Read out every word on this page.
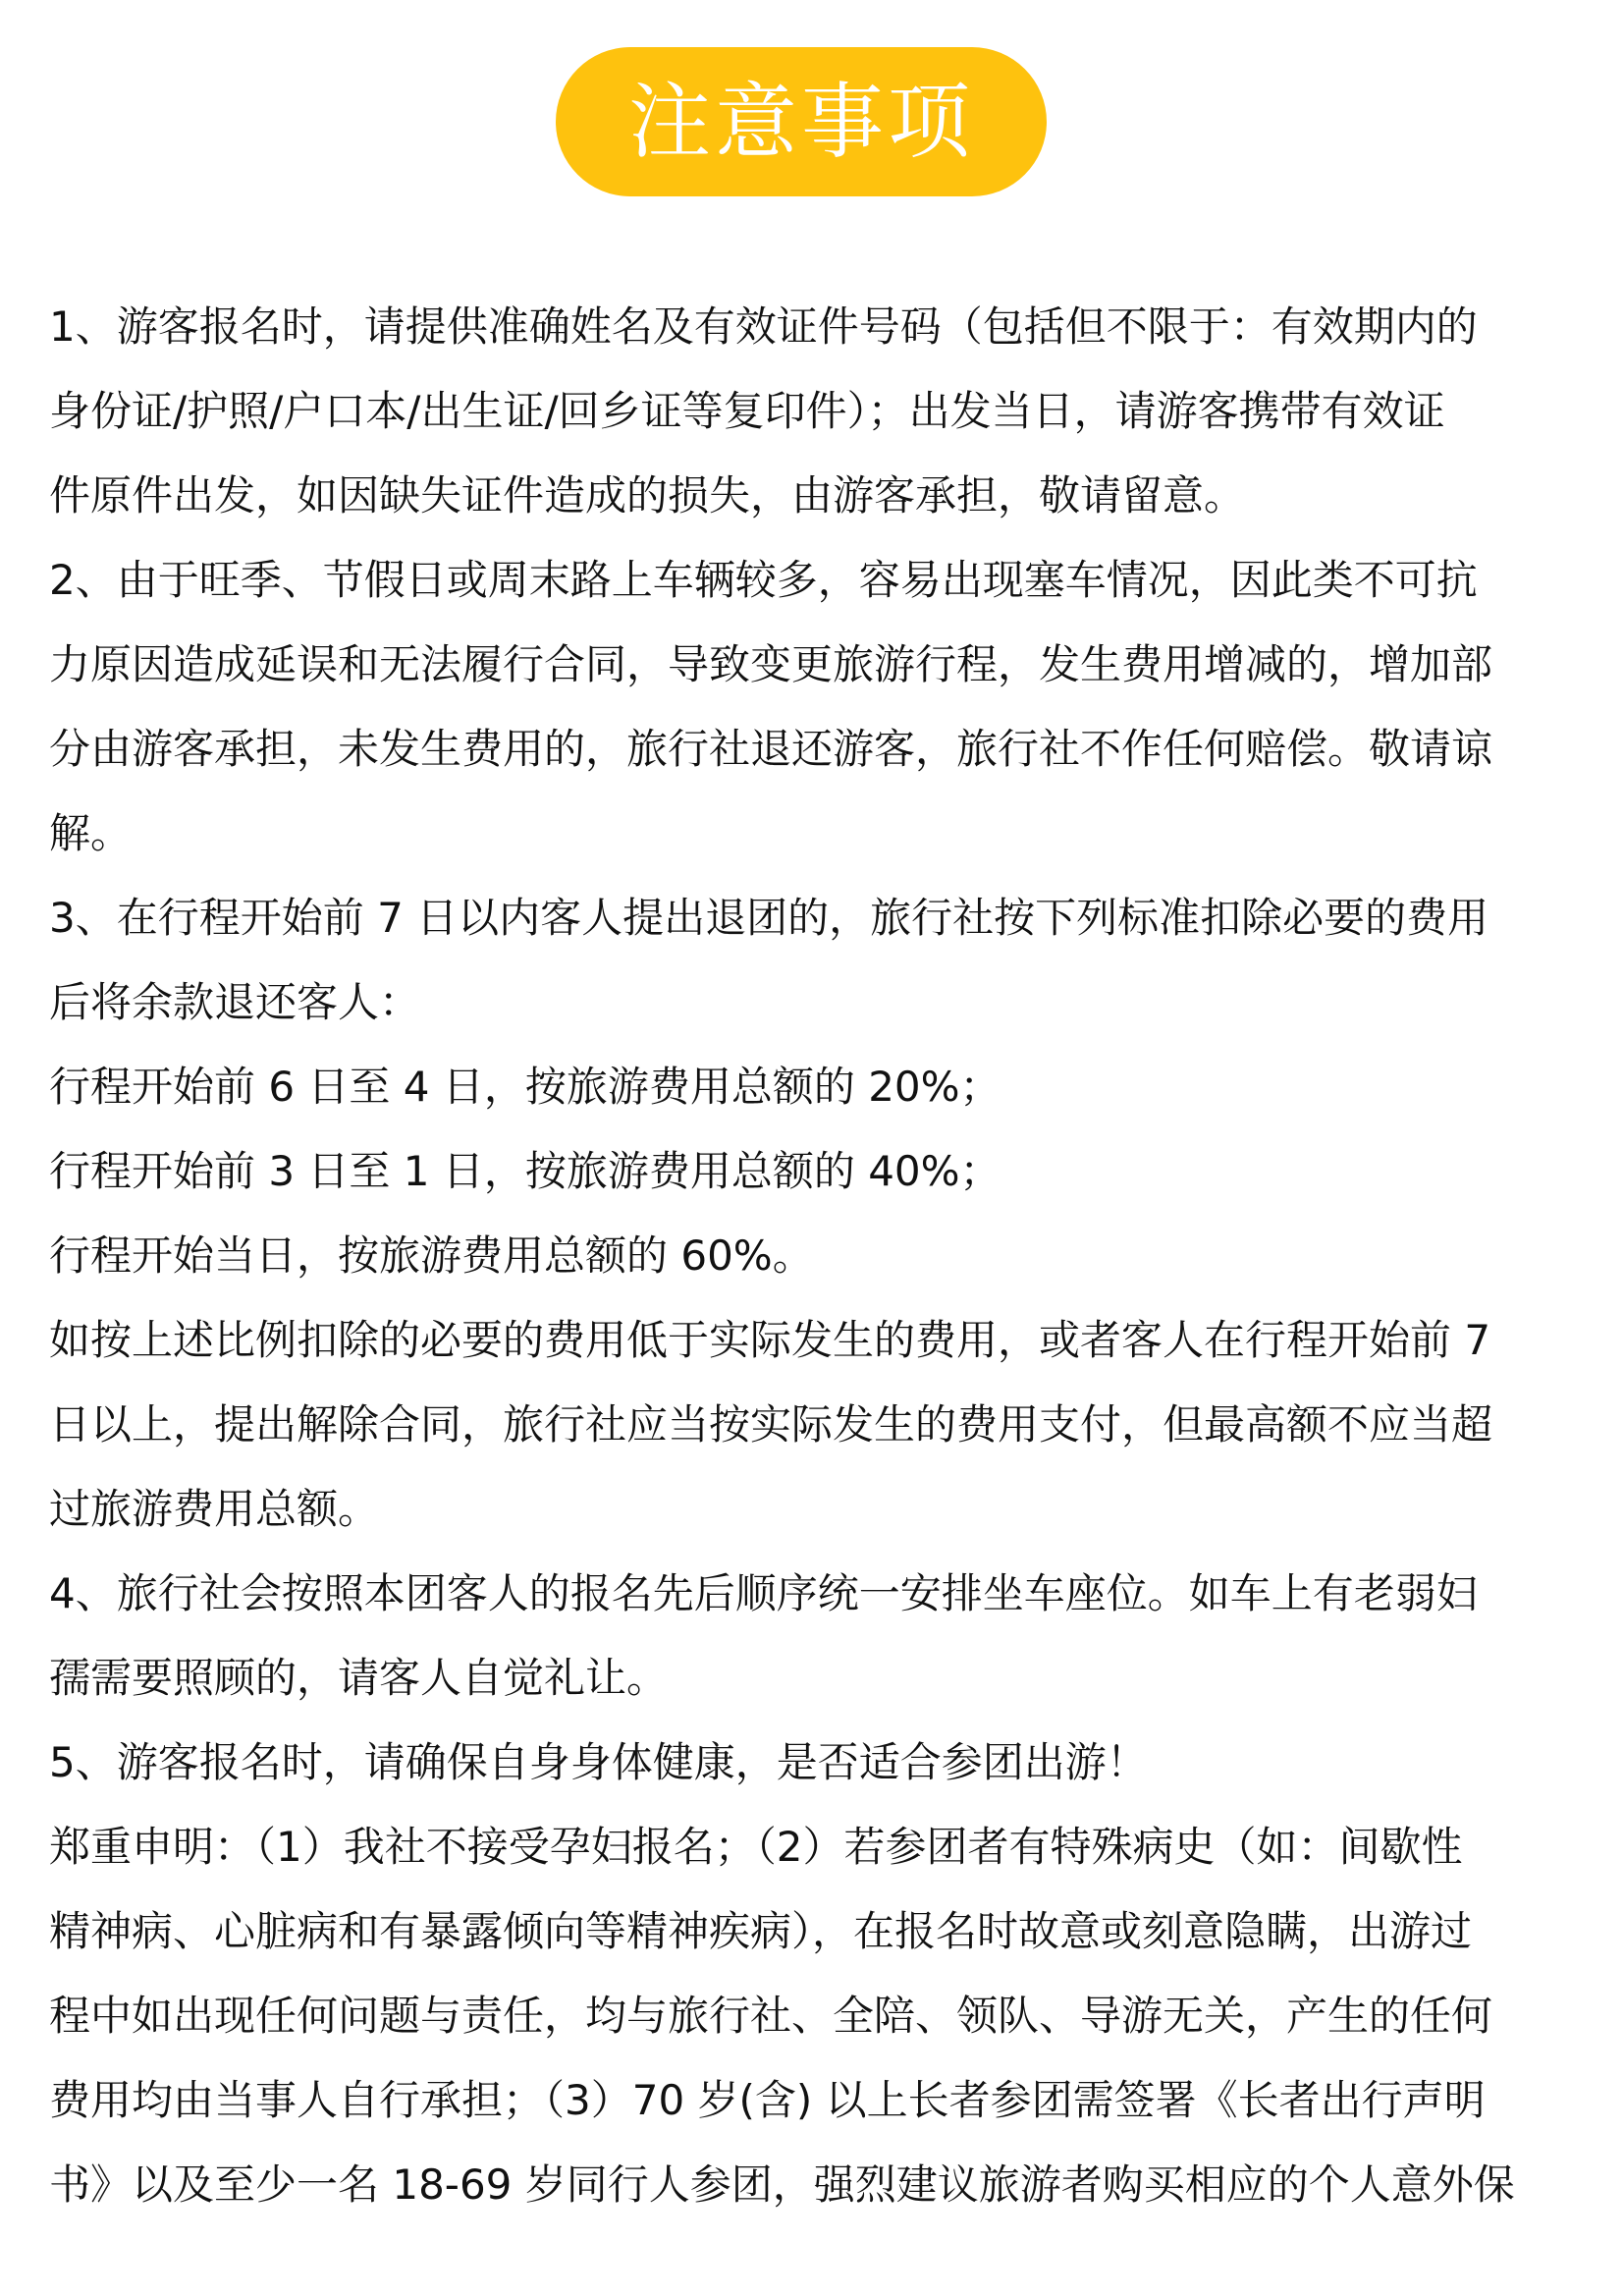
注意事项
1、游客报名时，请提供准确姓名及有效证件号码（包括但不限于：有效期内的
身份证/护照/户口本/出生证/回乡证等复印件）；出发当日，请游客携带有效证
件原件出发，如因缺失证件造成的损失，由游客承担，敬请留意。
2、由于旺季、节假日或周末路上车辆较多，容易出现塞车情况，因此类不可抗
力原因造成延误和无法履行合同，导致变更旅游行程，发生费用增减的，增加部
分由游客承担，未发生费用的，旅行社退还游客，旅行社不作任何赔偿。敬请谅
解。
3、在行程开始前 7 日以内客人提出退团的，旅行社按下列标准扣除必要的费用
后将余款退还客人：
行程开始前 6 日至 4 日，按旅游费用总额的 20%；
行程开始前 3 日至 1 日，按旅游费用总额的 40%；
行程开始当日，按旅游费用总额的 60%。
如按上述比例扣除的必要的费用低于实际发生的费用，或者客人在行程开始前 7
日以上，提出解除合同，旅行社应当按实际发生的费用支付，但最高额不应当超
过旅游费用总额。
4、旅行社会按照本团客人的报名先后顺序统一安排坐车座位。如车上有老弱妇
孺需要照顾的，请客人自觉礼让。
5、游客报名时，请确保自身身体健康，是否适合参团出游！
郑重申明：（1）我社不接受孕妇报名；（2）若参团者有特殊病史（如：间歇性
精神病、心脏病和有暴露倾向等精神疾病），在报名时故意或刻意隐瞒，出游过
程中如出现任何问题与责任，均与旅行社、全陪、领队、导游无关，产生的任何
费用均由当事人自行承担；（3）70 岁(含) 以上长者参团需签署《长者出行声明
书》以及至少一名 18-69 岁同行人参团，强烈建议旅游者购买相应的个人意外保
